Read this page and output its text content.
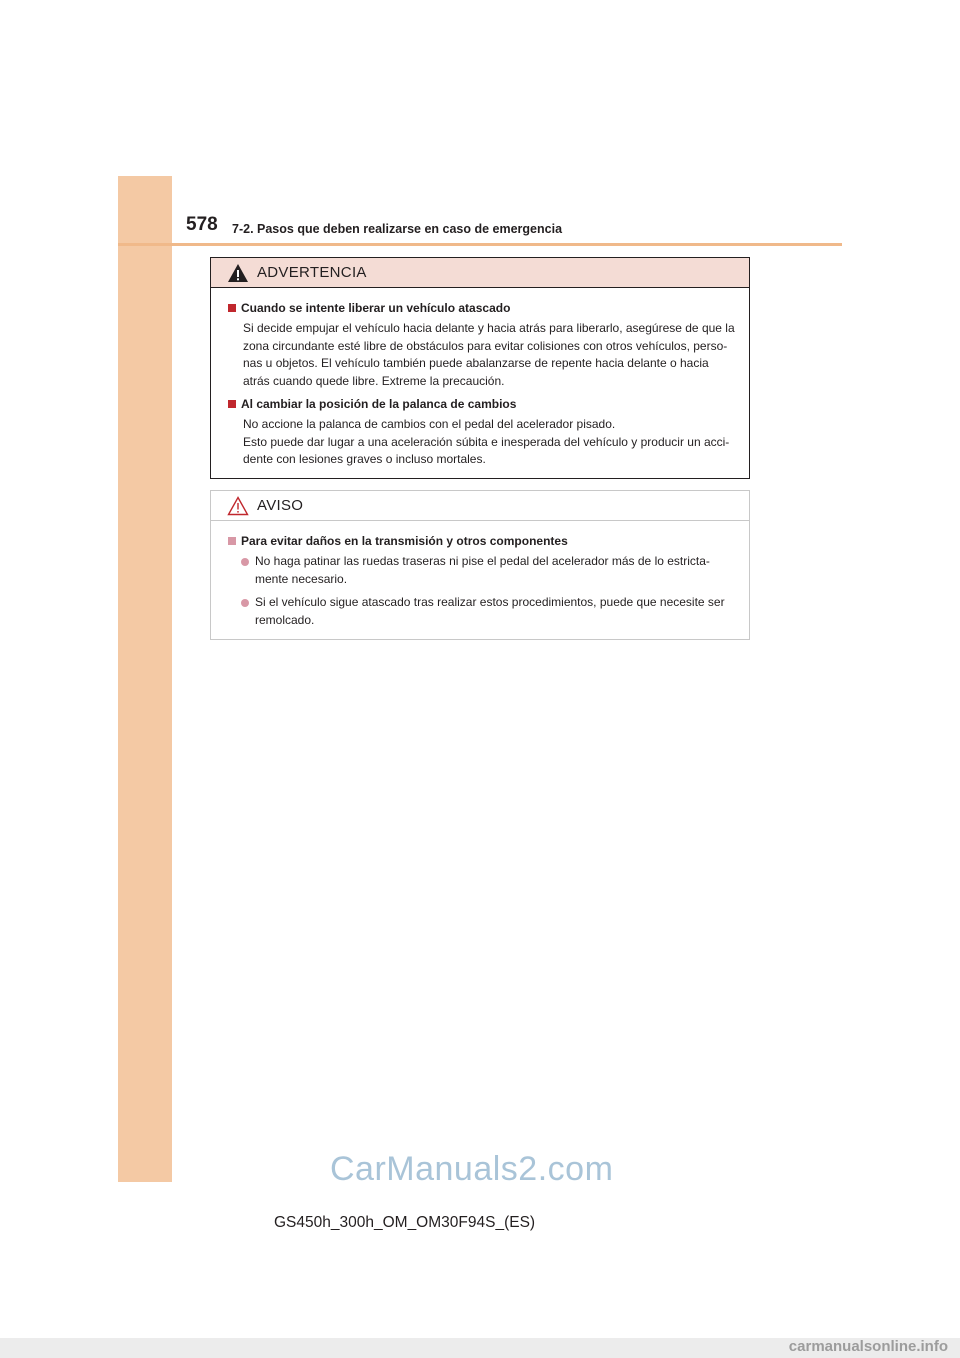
578 7-2. Pasos que deben realizarse en caso de emergencia
ADVERTENCIA
Cuando se intente liberar un vehículo atascado
Si decide empujar el vehículo hacia delante y hacia atrás para liberarlo, asegúrese de que la
zona circundante esté libre de obstáculos para evitar colisiones con otros vehículos, perso-
nas u objetos. El vehículo también puede abalanzarse de repente hacia delante o hacia
atrás cuando quede libre. Extreme la precaución.
Al cambiar la posición de la palanca de cambios
No accione la palanca de cambios con el pedal del acelerador pisado.
Esto puede dar lugar a una aceleración súbita e inesperada del vehículo y producir un acci-
dente con lesiones graves o incluso mortales.
AVISO
Para evitar daños en la transmisión y otros componentes
No haga patinar las ruedas traseras ni pise el pedal del acelerador más de lo estricta-
mente necesario.
Si el vehículo sigue atascado tras realizar estos procedimientos, puede que necesite ser
remolcado.
CarManuals2.com
GS450h_300h_OM_OM30F94S_(ES)
carmanualsonline.info
